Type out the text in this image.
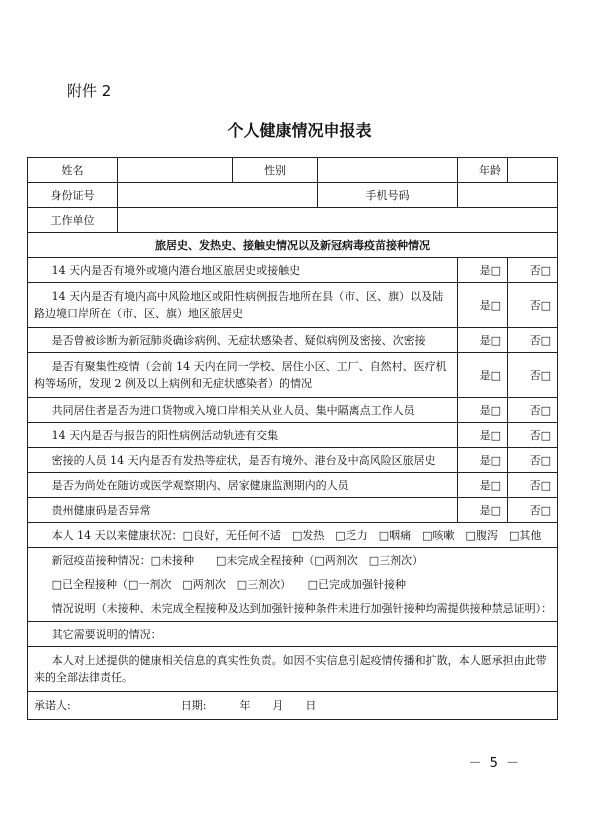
附件 2
个人健康情况申报表
姓名		性别		年龄	
身份证号			手机号码		
工作单位					
旅居史、发热史、接触史情况以及新冠病毒疫苗接种情况					
14 天内是否有境外或境内港台地区旅居史或接触史				是□	否□
14 天内是否有境内高中风险地区或阳性病例报告地所在县（市、区、旗）以及陆路边境口岸所在（市、区、旗）地区旅居史				是□	否□
是否曾被诊断为新冠肺炎确诊病例、无症状感染者、疑似病例及密接、次密接				是□	否□
是否有聚集性疫情（会前 14 天内在同一学校、居住小区、工厂、自然村、医疗机构等场所，发现 2 例及以上病例和无症状感染者）的情况				是□	否□
共同居住者是否为进口货物或入境口岸相关从业人员、集中隔离点工作人员				是□	否□
14 天内是否与报告的阳性病例活动轨迹有交集				是□	否□
密接的人员 14 天内是否有发热等症状，是否有境外、港台及中高风险区旅居史				是□	否□
是否为尚处在随访或医学观察期内、居家健康监测期内的人员				是□	否□
贵州健康码是否异常				是□	否□
本人 14 天以来健康状况：□良好，无任何不适　□发热　□乏力　□咽痛　□咳嗽　□腹泻　□其他					

新冠疫苗接种情况：□未接种　　□未完成全程接种（□两剂次　□三剂次）
□已全程接种（□一剂次　□两剂次　□三剂次）　　□已完成加强针接种
情况说明（未接种、未完成全程接种及达到加强针接种条件未进行加强针接种均需提供接种禁忌证明）：					

其它需要说明的情况：					
本人对上述提供的健康相关信息的真实性负责。如因不实信息引起疫情传播和扩散，本人愿承担由此带来的全部法律责任。					
承诺人:　　　　　　　　　　日期:　　　年　　月　　日					
－ 5 －
